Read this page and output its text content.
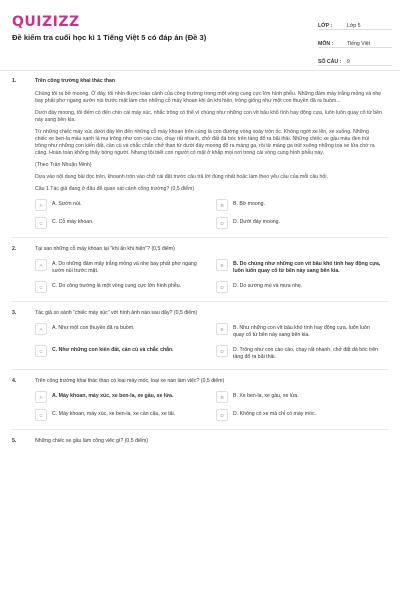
QUIZIZZ
Đề kiểm tra cuối học kì 1 Tiếng Việt 5 có đáp án (Đề 3)
LỚP :	Lớp 5
MÔN :	Tiếng Việt
SỐ CÂU :	9
1.	Trên công trường khai thác than

Chúng tôi ra bờ moong. Ở đây, tôi nhìn được toàn cảnh của công trường trong một vòng cung cực lớn hình phễu. Những đám máy trắng mỏng và nhẹ bay phất phơ ngang sườn núi trước mặt làm cho những cỗ máy khoan khi ẩn khi hiện, trông giống như một con thuyền đã ra buồm...

Dưới đáy moong, tôi đếm có đến chín cái máy xúc, nhắc trông có thể vì chúng như những con vít bâu khổ tính hay động cựa, luôn luôn quay cổ từ bên này sang bên kia.

Từ những chiếc máy xúc dưới đáy lên đến những cỗ máy khoan trên cùng là con đường vòng xoáy tròn ốc. Không ngớt xe lên, xe xuống. Những chiếc xe ben-la mầu xanh lá mạ trông như con cào cào, chạy rất nhanh, chở đất đá bóc trên tầng đổ ra bãi thải. Những chiếc xe gầu màu đen trùi trông như những con kiến đất, cần cù và chắc chắn chở than từ dưới đáy moong đổ ra máng ga, rồi từ máng ga trút xuống những toa xe lửa chờ ra cảng. Hoàn toàn không thấy bóng người. Nhưng tôi biết con người có mặt ở khắp mọi nơi trong cái vòng cung hình phễu này.

(Theo Trần Nhuận Minh)

Dựa vào nội dung bài đọc trên, khoanh tròn vào chữ cái đặt trước câu trả lời đúng nhất hoặc làm theo yêu cầu của mỗi câu hỏi.

Câu 1.Tác giả đang ở đâu để quan sát cảnh công trường? (0,5 điểm)

A	A. Sườn núi.	B	B. Bờ moong.
C	C. Cỗ máy khoan.	D	D. Dưới đáy moong.
2.	Tại sao những cỗ máy khoan lại "khi ẩn khi hiện"? (0,5 điểm)
A	A. Do những đám mây trắng mỏng và nhẹ bay phất phơ ngang sườn núi trước mặt.
B	B. Do chúng như những con vít bâu khó tính hay động cựa, luôn luôn quay cổ từ bên này sang bên kia.
C	C. Do công trường là một vòng cung cực lớn hình phễu.	D	D. Do sương mù và mưa nhẹ.
3.	Tác giả so sánh "chiếc máy xúc" với hình ảnh nào sau đây? (0,5 điểm)
A	A. Như một con thuyền đã ra buồm.	B	B. Như những con vít bâu khó tính hay động cựa, luôn luôn quay cổ từ bên này sang bên kia.
C	C. Như những con kiến đất, cần cù và chắc chắn.	D	D. Trông như con cào cào, chạy rất nhanh, chở đất đá bóc trên tầng đổ ra bãi thải.
4.	Trên công trường khai thác than có loại máy móc, loại xe nào làm việc? (0,5 điểm)
A	A. Máy khoan, máy xúc, xe ben-la, xe gầu, xe lửa.	B	B. Xe ben-la, xe gầu, xe lửa.
C	C. Máy khoan, máy xúc, xe ben-la, xe cần cẩu, xe tải.	D	D. Không có xe mà chỉ có máy móc.
5.	Những chiếc xe gầu làm công việc gì? (0,5 điểm)
